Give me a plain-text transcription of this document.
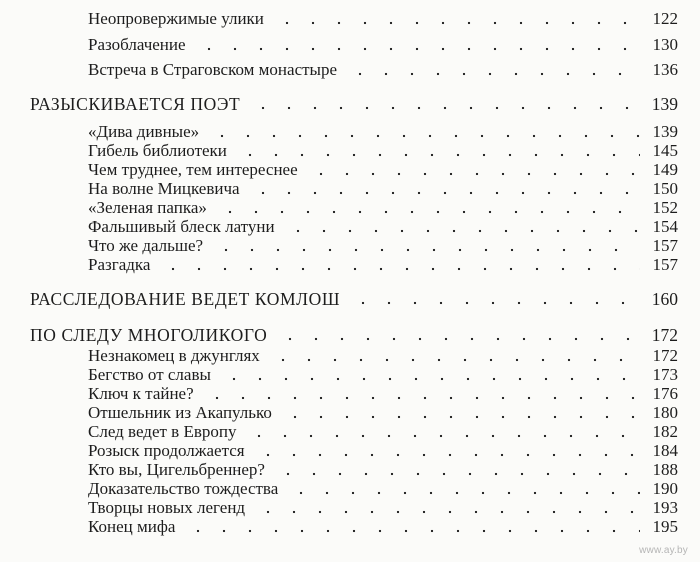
Неопровержимые улики	122
Разоблачение	130
Встреча в Страговском монастыре	136
РАЗЫСКИВАЕТСЯ ПОЭТ	139
«Дива дивные»	139
Гибель библиотеки	145
Чем труднее, тем интереснее	149
На волне Мицкевича	150
«Зеленая папка»	152
Фальшивый блеск латуни	154
Что же дальше?	157
Разгадка	157
РАССЛЕДОВАНИЕ ВЕДЕТ КОМЛОШ	160
ПО СЛЕДУ МНОГОЛИКОГО	172
Незнакомец в джунглях	172
Бегство от славы	173
Ключ к тайне?	176
Отшельник из Акапулько	180
След ведет в Европу	182
Розыск продолжается	184
Кто вы, Цигельбреннер?	188
Доказательство тождества	190
Творцы новых легенд	193
Конец мифа	195
www.ay.by
